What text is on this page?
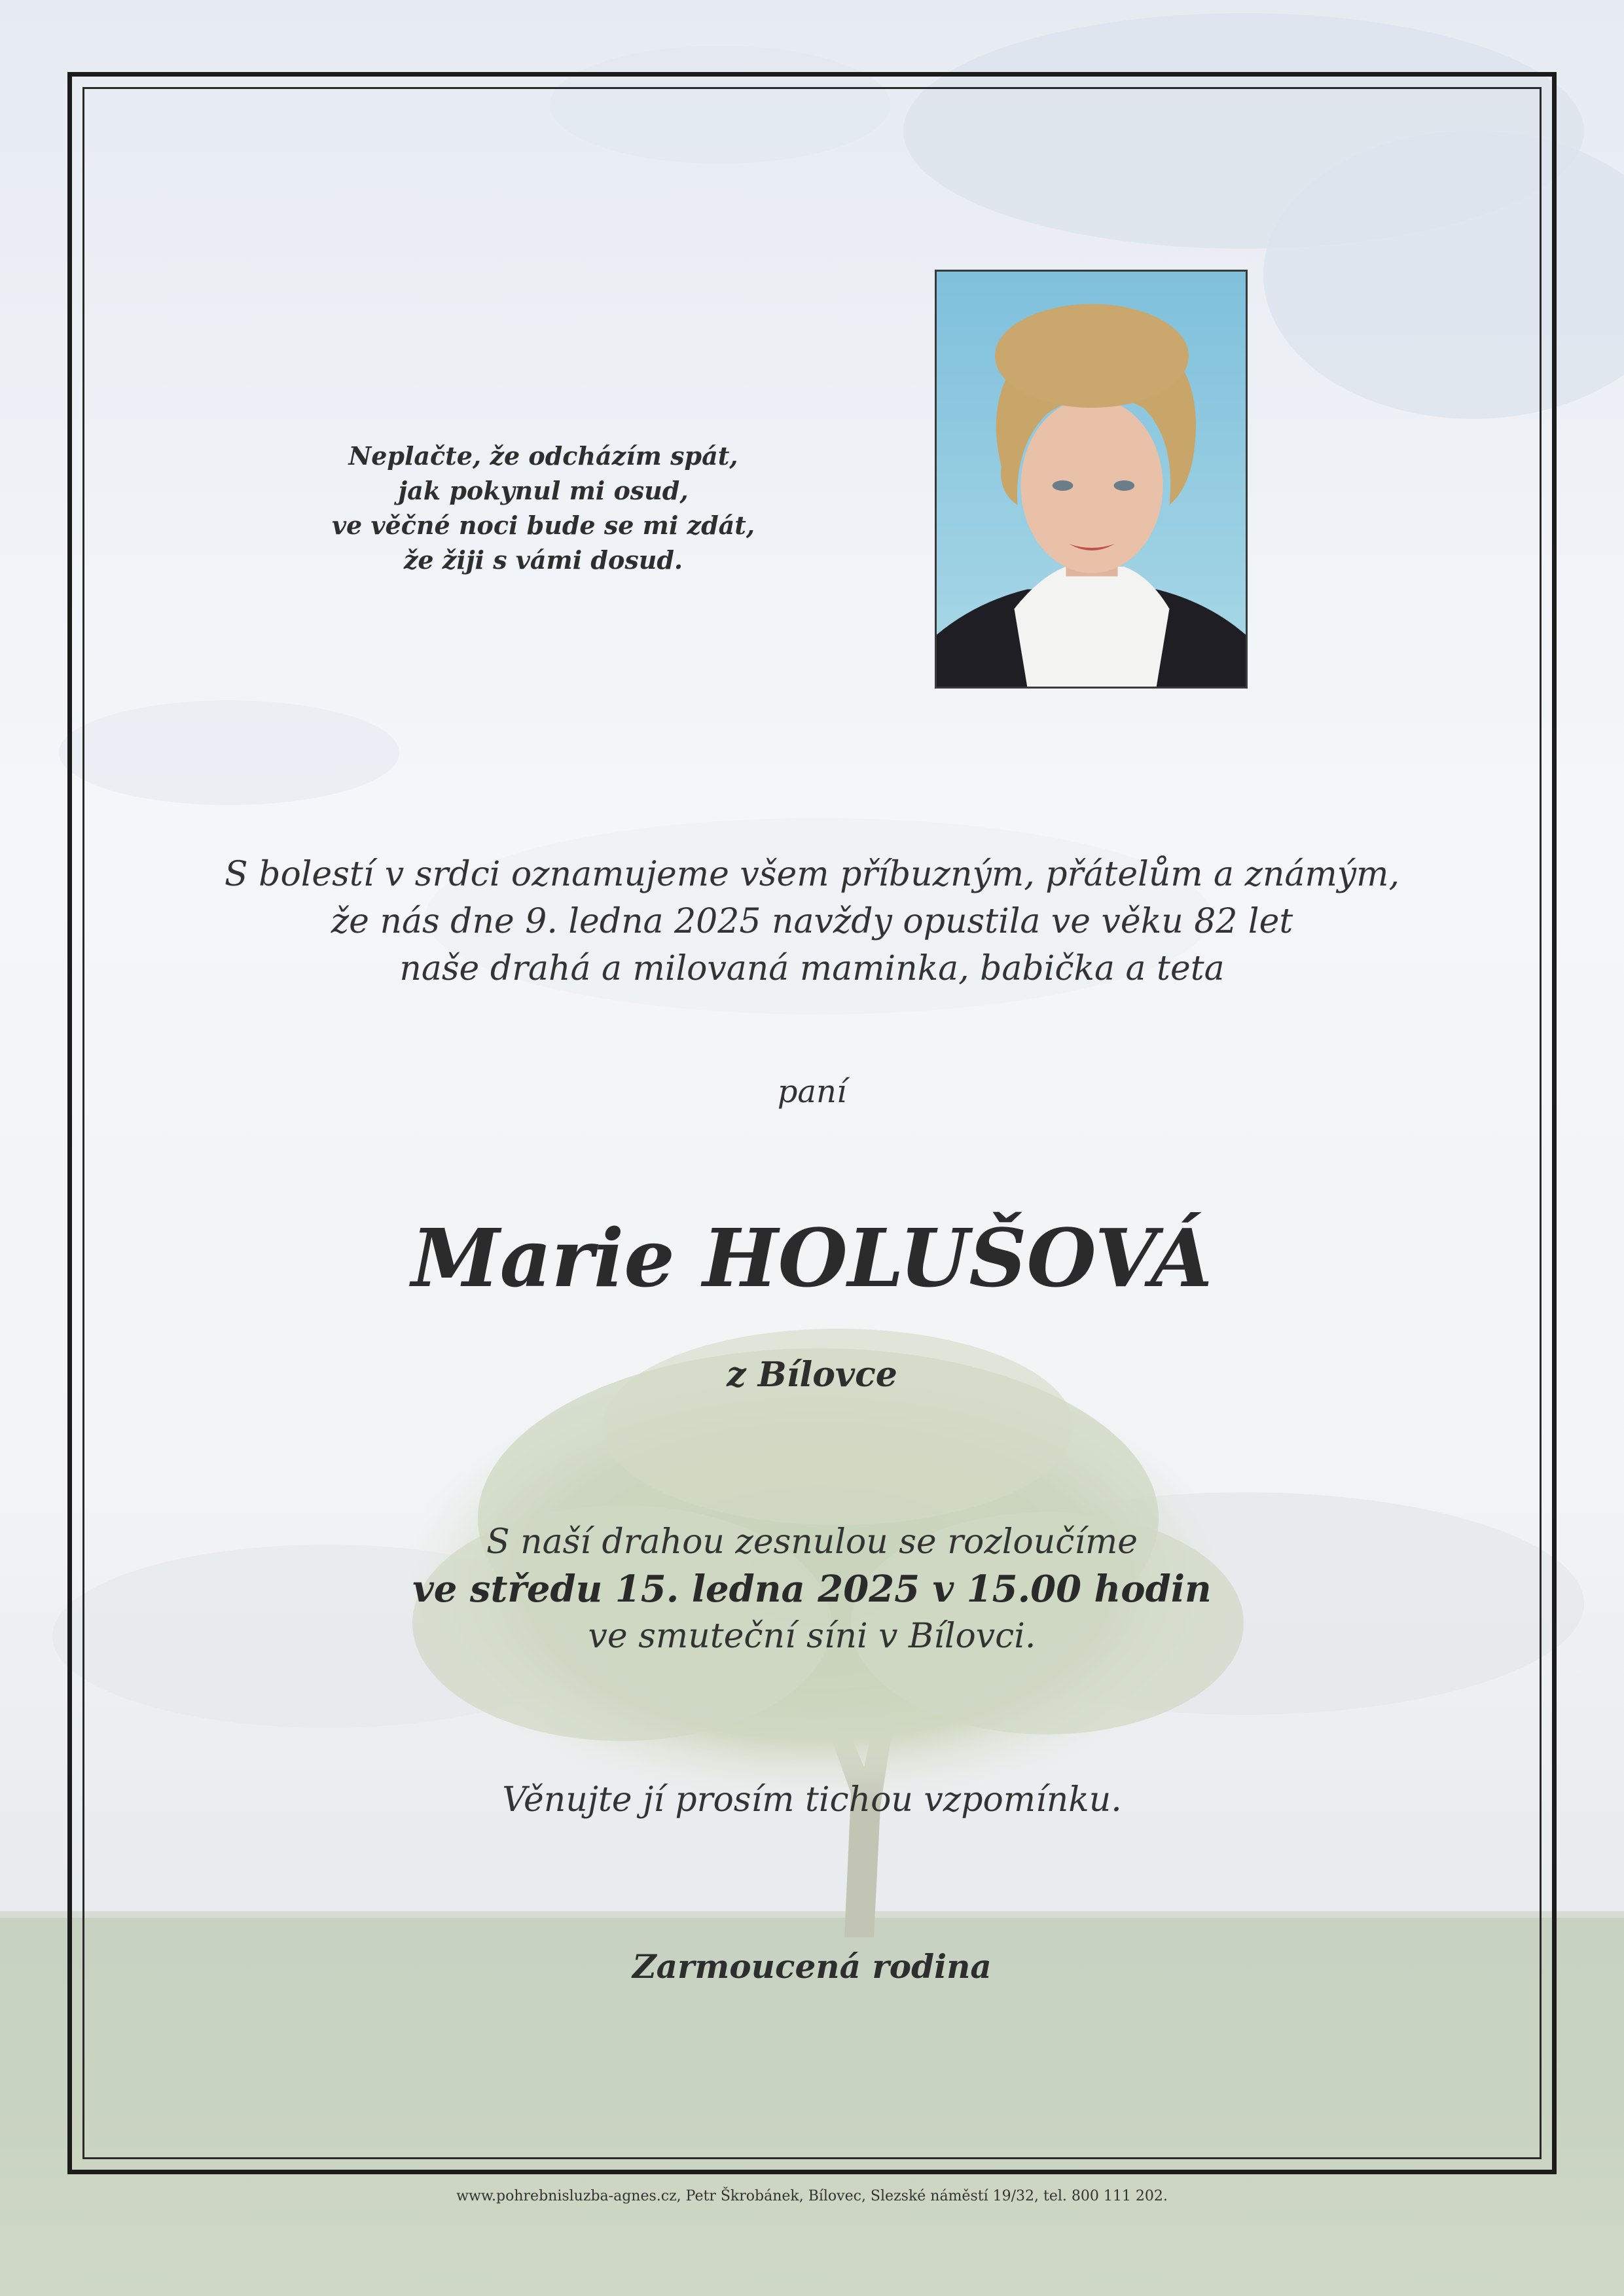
Neplačte, že odcházím spát,
jak pokynul mi osud,
ve věčné noci bude se mi zdát,
že žiji s vámi dosud.
S bolestí v srdci oznamujeme všem příbuzným, přátelům a známým,
že nás dne 9. ledna 2025 navždy opustila ve věku 82 let
naše drahá a milovaná maminka, babička a teta
paní
Marie HOLUŠOVÁ
z Bílovce
S naší drahou zesnulou se rozloučíme
ve středu 15. ledna 2025 v 15.00 hodin
ve smuteční síni v Bílovci.
Věnujte jí prosím tichou vzpomínku.
Zarmoucená rodina
www.pohrebnisluzba-agnes.cz, Petr Škrobánek, Bílovec, Slezské náměstí 19/32, tel. 800 111 202.
